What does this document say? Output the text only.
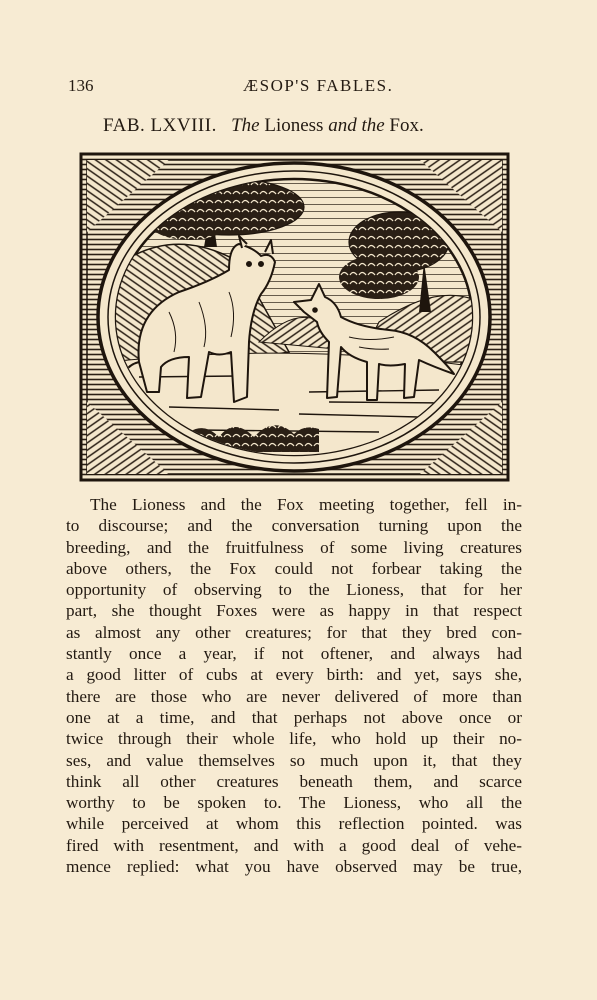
136	ÆSOP'S FABLES.
FAB. LXVIII. The Lioness and the Fox.
The Lioness and the Fox meeting together, fell in-
to discourse; and the conversation turning upon the
breeding, and the fruitfulness of some living creatures
above others, the Fox could not forbear taking the
opportunity of observing to the Lioness, that for her
part, she thought Foxes were as happy in that respect
as almost any other creatures; for that they bred con-
stantly once a year, if not oftener, and always had
a good litter of cubs at every birth: and yet, says she,
there are those who are never delivered of more than
one at a time, and that perhaps not above once or
twice through their whole life, who hold up their no-
ses, and value themselves so much upon it, that they
think all other creatures beneath them, and scarce
worthy to be spoken to. The Lioness, who all the
while perceived at whom this reflection pointed. was
fired with resentment, and with a good deal of vehe-
mence replied: what you have observed may be true,
